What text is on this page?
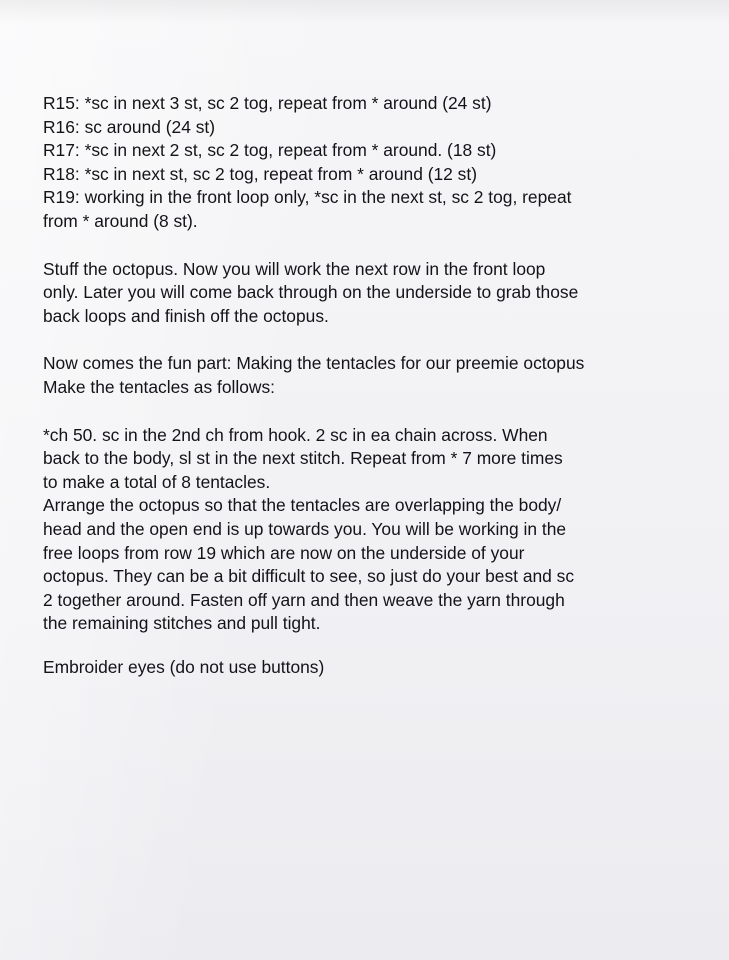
R15: *sc in next 3 st, sc 2 tog, repeat from * around (24 st)
R16: sc around (24 st)
R17: *sc in next 2 st, sc 2 tog, repeat from * around. (18 st)
R18: *sc in next st, sc 2 tog, repeat from * around (12 st)
R19: working in the front loop only, *sc in the next st, sc 2 tog, repeat
from * around (8 st).
Stuff the octopus. Now you will work the next row in the front loop
only. Later you will come back through on the underside to grab those
back loops and finish off the octopus.
Now comes the fun part: Making the tentacles for our preemie octopus
Make the tentacles as follows:
*ch 50. sc in the 2nd ch from hook. 2 sc in ea chain across. When
back to the body, sl st in the next stitch. Repeat from * 7 more times
to make a total of 8 tentacles.
Arrange the octopus so that the tentacles are overlapping the body/
head and the open end is up towards you. You will be working in the
free loops from row 19 which are now on the underside of your
octopus. They can be a bit difficult to see, so just do your best and sc
2 together around. Fasten off yarn and then weave the yarn through
the remaining stitches and pull tight.
Embroider eyes (do not use buttons)
